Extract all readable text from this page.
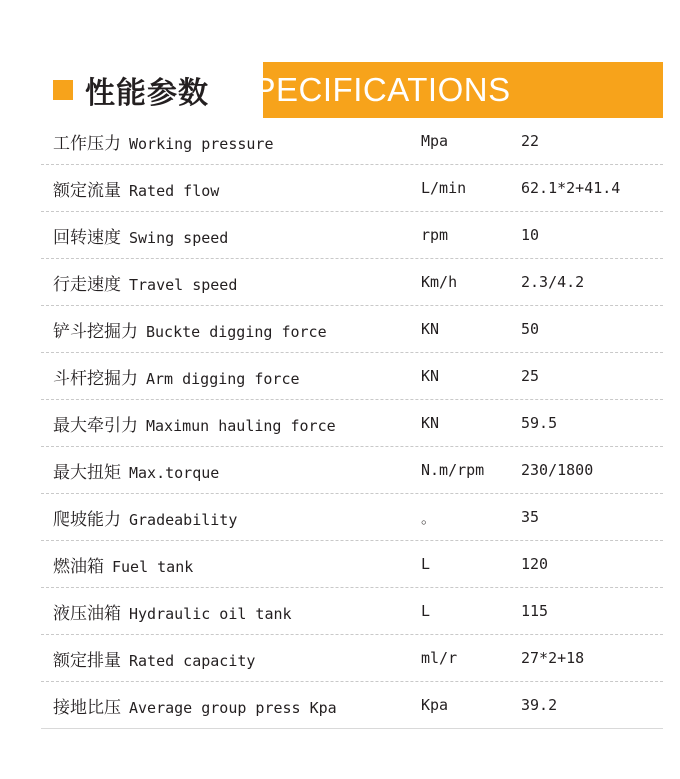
性能参数 SPECIFICATIONS
工作压力 Working pressure	Mpa	22
额定流量 Rated flow	L/min	62.1*2+41.4
回转速度 Swing speed	rpm	10
行走速度 Travel speed	Km/h	2.3/4.2
铲斗挖掘力 Buckte digging force	KN	50
斗杆挖掘力 Arm digging force	KN	25
最大牵引力 Maximun hauling force	KN	59.5
最大扭矩 Max.torque	N.m/rpm	230/1800
爬坡能力 Gradeability	。	35
燃油箱 Fuel tank	L	120
液压油箱 Hydraulic oil tank	L	115
额定排量 Rated capacity	ml/r	27*2+18
接地比压 Average group press Kpa	Kpa	39.2
